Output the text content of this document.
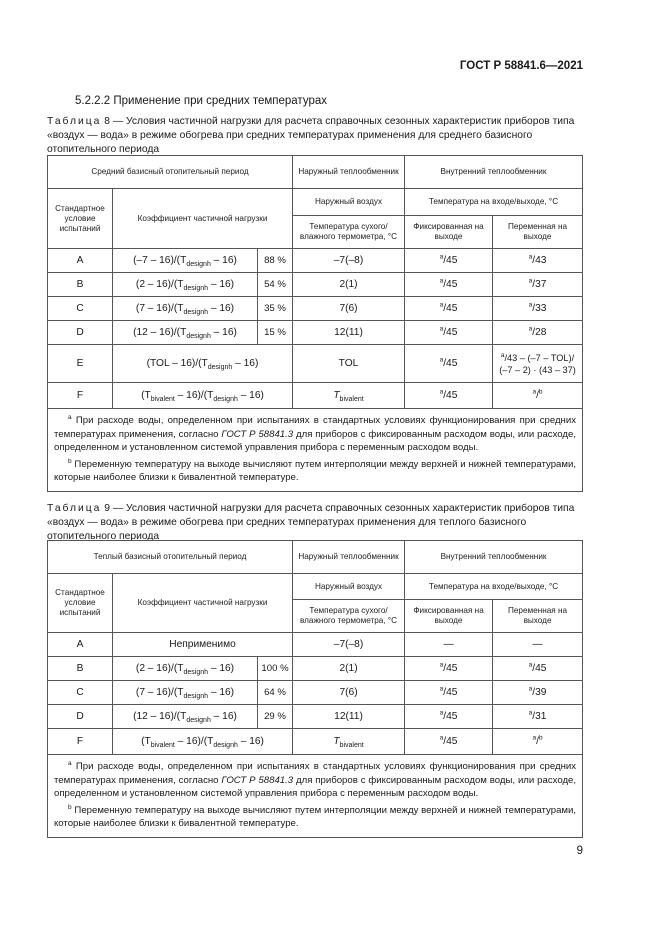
ГОСТ Р 58841.6—2021
5.2.2.2 Применение при средних температурах
Таблица 8 — Условия частичной нагрузки для расчета справочных сезонных характеристик приборов типа «воздух — вода» в режиме обогрева при средних температурах применения для среднего базисного отопительного периода
Средний базисный отопительный период			Наружный теплообменник	Внутренний теплообменник	
Стандартное условие испытаний	Коэффициент частичной нагрузки		Наружный воздух	Температура на входе/выходе, °С	
			Температура сухого/ влажного термометра, °С	Фиксированная на выходе	Переменная на выходе
A	$(-7 - 16)/(T_{designh} - 16)$	88 %	–7(–8)	$^a$/45	$^a$/43
B	$(2 - 16)/(T_{designh} - 16)$	54 %	2(1)	$^a$/45	$^a$/37
C	$(7 - 16)/(T_{designh} - 16)$	35 %	7(6)	$^a$/45	$^a$/33
D	$(12 - 16)/(T_{designh} - 16)$	15 %	12(11)	$^a$/45	$^a$/28
E	$(TOL - 16)/(T_{designh} - 16)$		TOL	$^a$/45	$^a$/43 – (–7 – TOL)/
(–7 – 2) · (43 – 37)
F	$(T_{bivalent} - 16)/(T_{designh} - 16)$		$T_{bivalent}$	$^a$/45	$^a$/$^b$

$^a$ При расходе воды, определенном при испытаниях в стандартных условиях функционирования при средних температурах применения, согласно ГОСТ Р 58841.3 для приборов с фиксированным расходом воды, или расходе, определенном и установленном системой управления прибора с переменным расходом воды.

$^b$ Переменную температуру на выходе вычисляют путем интерполяции между верхней и нижней температурами, которые наиболее близки к бивалентной температуре.					

Таблица 9 — Условия частичной нагрузки для расчета справочных сезонных характеристик приборов типа «воздух — вода» в режиме обогрева при средних температурах применения для теплого базисного отопительного периода
Теплый базисный отопительный период			Наружный теплообменник	Внутренний теплообменник	
Стандартное условие испытаний	Коэффициент частичной нагрузки		Наружный воздух	Температура на входе/выходе, °С	
			Температура сухого/ влажного термометра, °С	Фиксированная на выходе	Переменная на выходе
A	Неприменимо		–7(–8)	—	—
B	$(2 - 16)/(T_{designh} - 16)$	100 %	2(1)	$^a$/45	$^a$/45
C	$(7 - 16)/(T_{designh} - 16)$	64 %	7(6)	$^a$/45	$^a$/39
D	$(12 - 16)/(T_{designh} - 16)$	29 %	12(11)	$^a$/45	$^a$/31
F	$(T_{bivalent} - 16)/(T_{designh} - 16)$		$T_{bivalent}$	$^a$/45	$^a$/$^b$

$^a$ При расходе воды, определенном при испытаниях в стандартных условиях функционирования при средних температурах применения, согласно ГОСТ Р 58841.3 для приборов с фиксированным расходом воды, или расходе, определенном и установленном системой управления прибора с переменным расходом воды.

$^b$ Переменную температуру на выходе вычисляют путем интерполяции между верхней и нижней температурами, которые наиболее близки к бивалентной температуре.					

9
